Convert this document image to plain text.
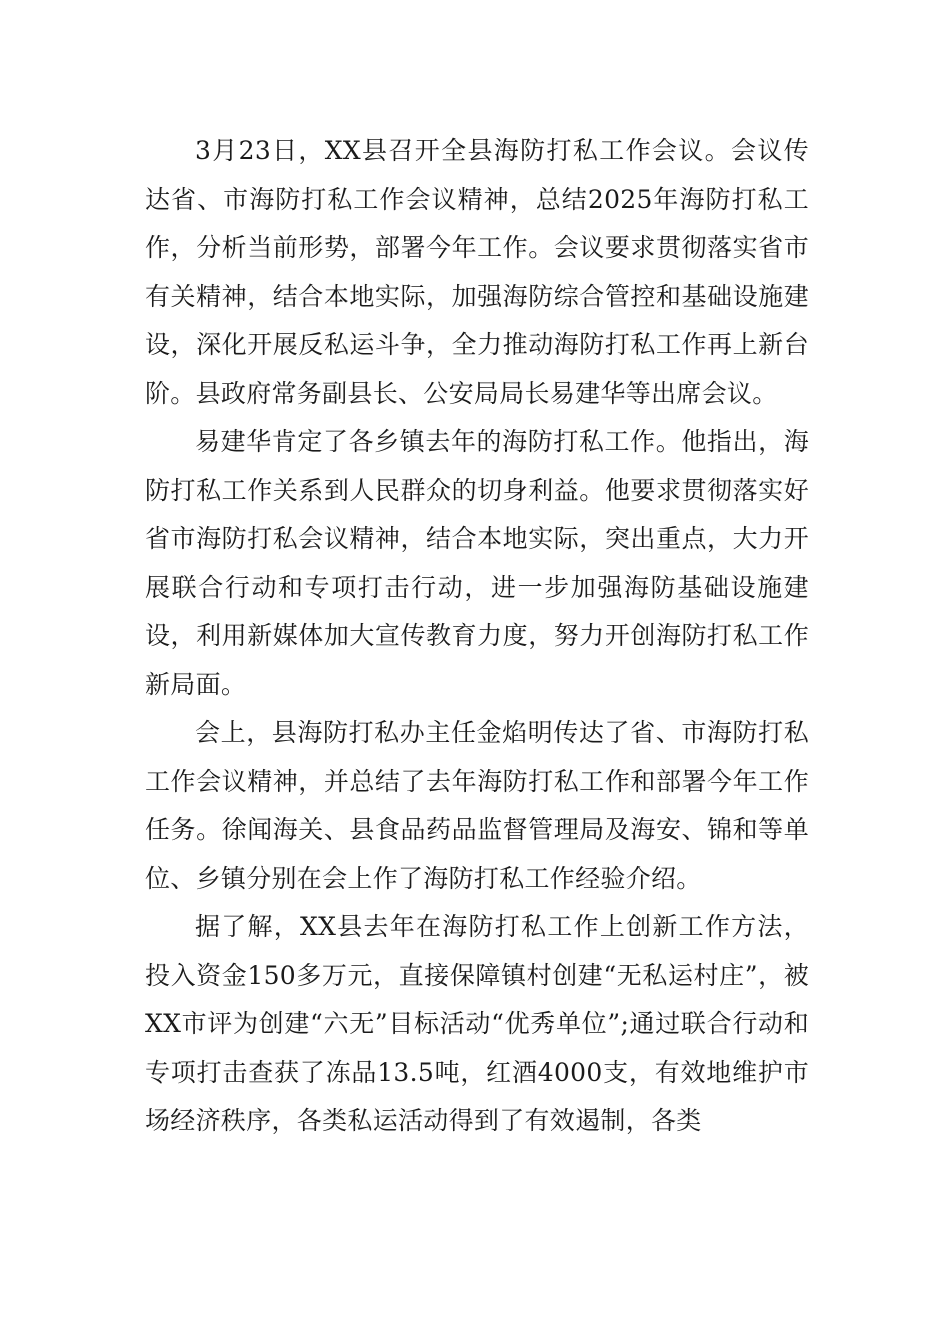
3月23日，XX县召开全县海防打私工作会议。会议传达省、市海防打私工作会议精神，总结2025年海防打私工作，分析当前形势，部署今年工作。会议要求贯彻落实省市有关精神，结合本地实际，加强海防综合管控和基础设施建设，深化开展反私运斗争，全力推动海防打私工作再上新台阶。县政府常务副县长、公安局局长易建华等出席会议。

易建华肯定了各乡镇去年的海防打私工作。他指出，海防打私工作关系到人民群众的切身利益。他要求贯彻落实好省市海防打私会议精神，结合本地实际，突出重点，大力开展联合行动和专项打击行动，进一步加强海防基础设施建设，利用新媒体加大宣传教育力度，努力开创海防打私工作新局面。

会上，县海防打私办主任金焰明传达了省、市海防打私工作会议精神，并总结了去年海防打私工作和部署今年工作任务。徐闻海关、县食品药品监督管理局及海安、锦和等单位、乡镇分别在会上作了海防打私工作经验介绍。

据了解，XX县去年在海防打私工作上创新工作方法，投入资金150多万元，直接保障镇村创建“无私运村庄”，被XX市评为创建“六无”目标活动“优秀单位”;通过联合行动和专项打击查获了冻品13.5吨，红酒4000支，有效地维护市场经济秩序，各类私运活动得到了有效遏制，各类
